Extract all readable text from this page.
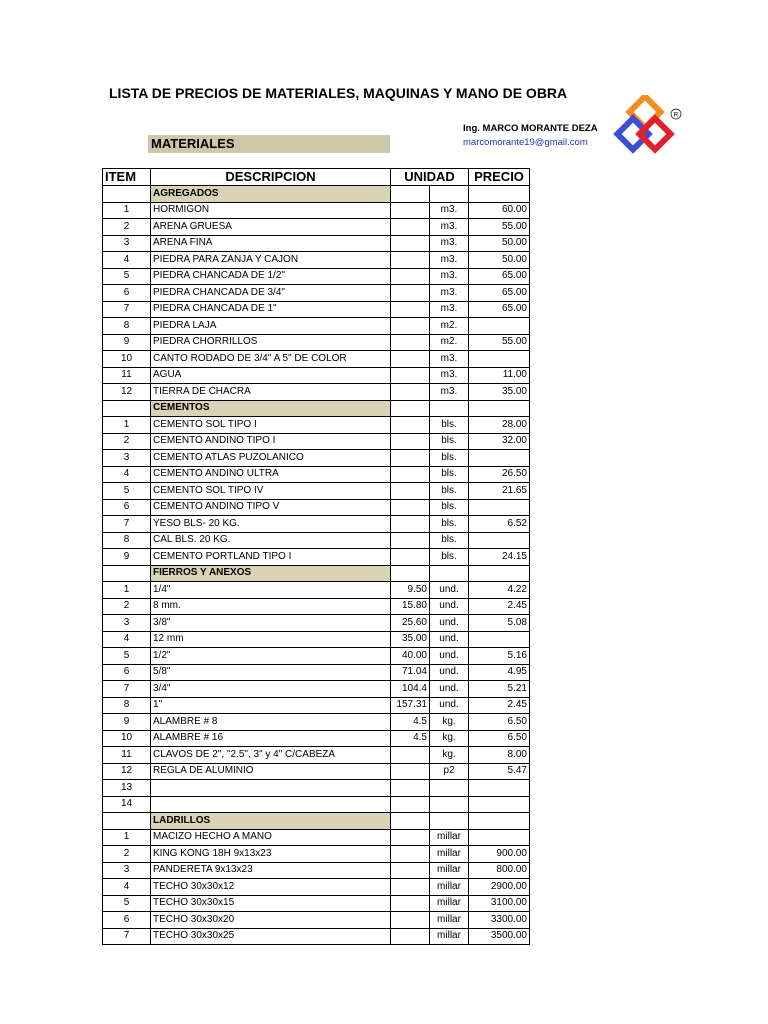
LISTA DE PRECIOS DE MATERIALES, MAQUINAS Y MANO DE OBRA
Ing. MARCO MORANTE DEZA
marcomorante19@gmail.com
R
MATERIALES
ITEM	DESCRIPCION	UNIDAD		PRECIO
	AGREGADOS			
1	HORMIGON		m3.	60.00
2	ARENA GRUESA		m3.	55.00
3	ARENA FINA		m3.	50.00
4	PIEDRA PARA ZANJA Y CAJON		m3.	50.00
5	PIEDRA CHANCADA DE 1/2"		m3.	65.00
6	PIEDRA CHANCADA DE 3/4"		m3.	65.00
7	PIEDRA CHANCADA DE 1"		m3.	65.00
8	PIEDRA LAJA		m2.	
9	PIEDRA CHORRILLOS		m2.	55.00
10	CANTO RODADO DE 3/4" A 5" DE COLOR		m3.	
11	AGUA		m3.	11.00
12	TIERRA DE CHACRA		m3.	35.00
	CEMENTOS			
1	CEMENTO SOL TIPO I		bls.	28.00
2	CEMENTO ANDINO TIPO I		bls.	32.00
3	CEMENTO ATLAS PUZOLANICO		bls.	
4	CEMENTO ANDINO ULTRA		bls.	26.50
5	CEMENTO SOL TIPO IV		bls.	21.65
6	CEMENTO ANDINO TIPO V		bls.	
7	YESO BLS- 20 KG.		bls.	6.52
8	CAL BLS. 20 KG.		bls.	
9	CEMENTO PORTLAND TIPO I		bls.	24.15
	FIERROS Y ANEXOS			
1	1/4"	9.50	und.	4.22
2	8 mm.	15.80	und.	2.45
3	3/8"	25.60	und.	5.08
4	12 mm	35.00	und.	
5	1/2"	40.00	und.	5.16
6	5/8"	71.04	und.	4.95
7	3/4"	104.4	und.	5.21
8	1"	157.31	und.	2.45
9	ALAMBRE # 8	4.5	kg.	6.50
10	ALAMBRE # 16	4.5	kg.	6.50
11	CLAVOS DE 2", "2.5", 3" y 4" C/CABEZA		kg.	8.00
12	REGLA DE ALUMINIO		p2	5.47
13				
14				
	LADRILLOS			
1	MACIZO HECHO A MANO		millar	
2	KING KONG 18H 9x13x23		millar	900.00
3	PANDERETA 9x13x23		millar	800.00
4	TECHO 30x30x12		millar	2900.00
5	TECHO 30x30x15		millar	3100.00
6	TECHO 30x30x20		millar	3300.00
7	TECHO 30x30x25		millar	3500.00
